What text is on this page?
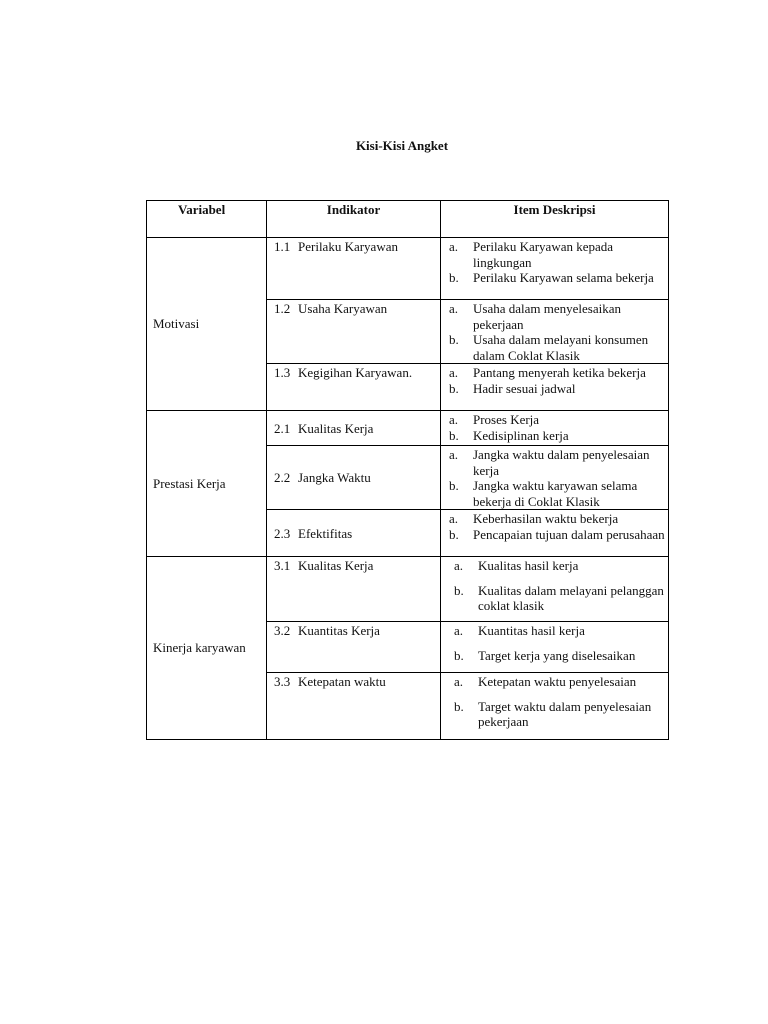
Kisi-Kisi Angket
Variabel	Indikator	Item Deskripsi
Motivasi	1.1 Perilaku Karyawan	a. Perilaku Karyawan kepada lingkungan
b. Perilaku Karyawan selama bekerja

	1.2 Usaha Karyawan	a. Usaha dalam menyelesaikan pekerjaan
b. Usaha dalam melayani konsumen dalam Coklat Klasik

	1.3 Kegigihan Karyawan.	a. Pantang menyerah ketika bekerja
b. Hadir sesuai jadwal

Prestasi Kerja	2.1 Kualitas Kerja	a. Proses Kerja
b. Kedisiplinan kerja

	2.2 Jangka Waktu	a. Jangka waktu dalam penyelesaian kerja
b. Jangka waktu karyawan selama bekerja di Coklat Klasik

	2.3 Efektifitas	a. Keberhasilan waktu bekerja
b. Pencapaian tujuan dalam perusahaan

Kinerja karyawan	3.1 Kualitas Kerja	a. Kualitas hasil kerja
b. Kualitas dalam melayani pelanggan coklat klasik

	3.2 Kuantitas Kerja	a. Kuantitas hasil kerja
b. Target kerja yang diselesaikan

	3.3 Ketepatan waktu	a. Ketepatan waktu penyelesaian
b. Target waktu dalam penyelesaian pekerjaan
